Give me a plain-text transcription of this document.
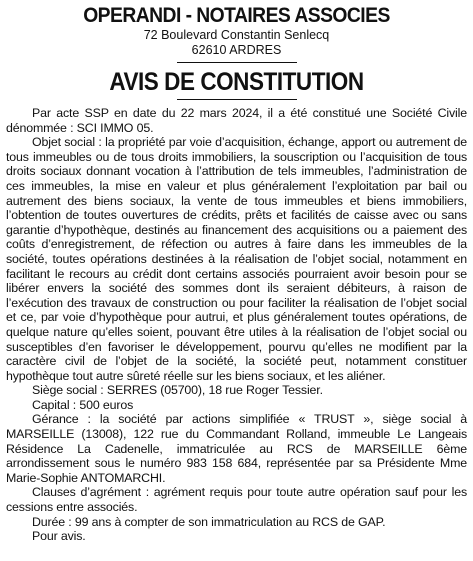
OPERANDI - NOTAIRES ASSOCIES
72 Boulevard Constantin Senlecq
62610 ARDRES
AVIS DE CONSTITUTION

Par acte SSP en date du 22 mars 2024, il a été constitué une Société Civile dénommée : SCI IMMO 05.

Objet social : la propriété par voie d’acquisition, échange, apport ou autrement de tous immeubles ou de tous droits immobiliers, la souscription ou l’acquisition de tous droits sociaux donnant vocation à l’attribution de tels immeubles, l’administration de ces immeubles, la mise en valeur et plus généralement l’exploitation par bail ou autrement des biens sociaux, la vente de tous immeubles et biens immobiliers, l’obtention de toutes ouvertures de crédits, prêts et facilités de caisse avec ou sans garantie d’hypothèque, destinés au financement des acquisitions ou a paiement des coûts d’enregistrement, de réfection ou autres à faire dans les immeubles de la société, toutes opérations destinées à la réalisation de l’objet social, notamment en facilitant le recours au crédit dont certains associés pourraient avoir besoin pour se libérer envers la société des sommes dont ils seraient débiteurs, à raison de l’exécution des travaux de construction ou pour faciliter la réalisation de l’objet social et ce, par voie d’hypothèque pour autrui, et plus généralement toutes opérations, de quelque nature qu’elles soient, pouvant être utiles à la réalisation de l’objet social ou susceptibles d’en favoriser le développement, pourvu qu’elles ne modifient par la caractère civil de l’objet de la société, la société peut, notamment constituer hypothèque tout autre sûreté réelle sur les biens sociaux, et les aliéner.

Siège social : SERRES (05700), 18 rue Roger Tessier.

Capital : 500 euros

Gérance : la société par actions simplifiée « TRUST », siège social à MARSEILLE (13008), 122 rue du Commandant Rolland, immeuble Le Langeais Résidence La Cadenelle, immatriculée au RCS de MARSEILLE 6ème arrondissement sous le numéro 983 158 684, représentée par sa Présidente Mme Marie-Sophie ANTOMARCHI.

Clauses d’agrément : agrément requis pour toute autre opération sauf pour les cessions entre associés.

Durée : 99 ans à compter de son immatriculation au RCS de GAP.

Pour avis.
